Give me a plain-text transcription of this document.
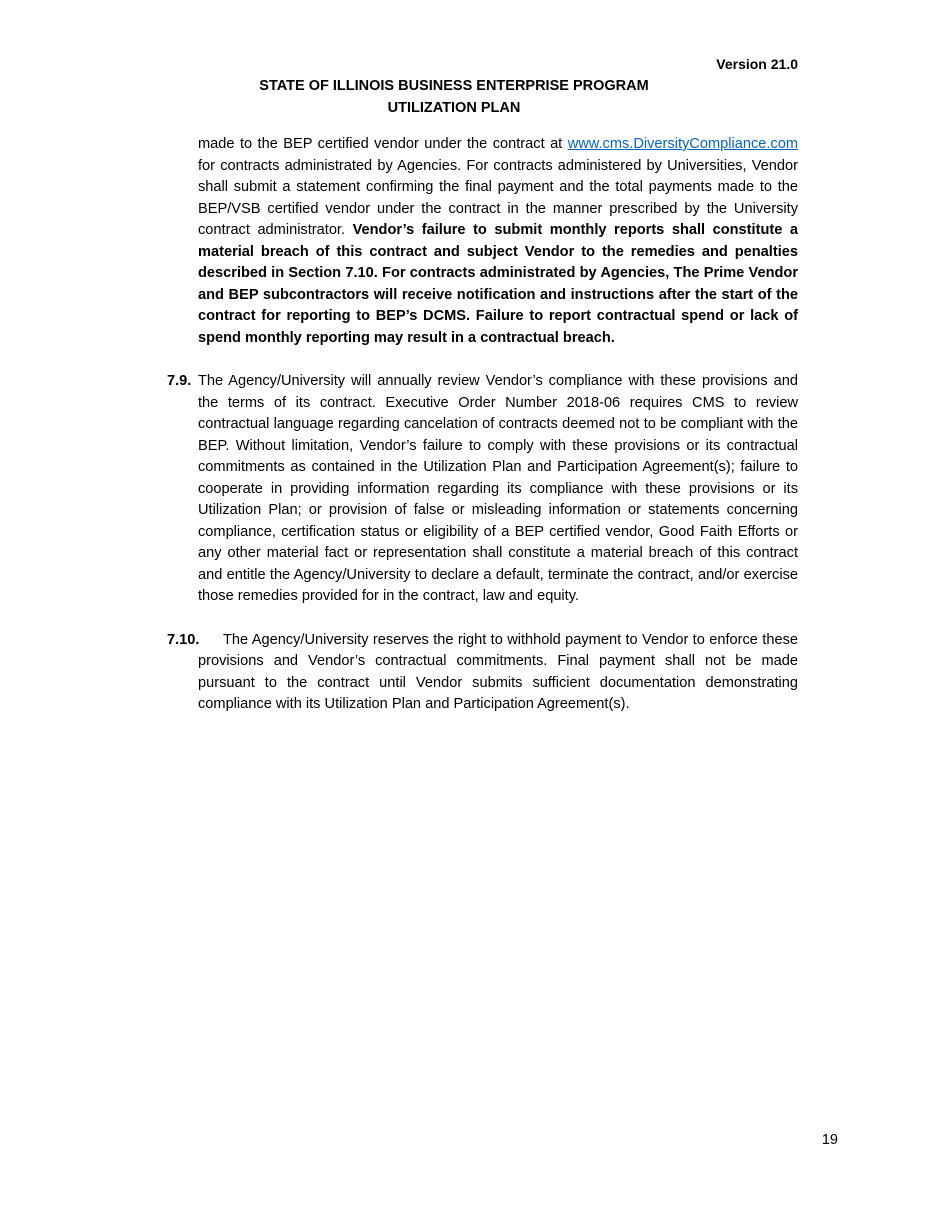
Version 21.0
STATE OF ILLINOIS BUSINESS ENTERPRISE PROGRAM
UTILIZATION PLAN

made to the BEP certified vendor under the contract at www.cms.DiversityCompliance.com for contracts administrated by Agencies. For contracts administered by Universities, Vendor shall submit a statement confirming the final payment and the total payments made to the BEP/VSB certified vendor under the contract in the manner prescribed by the University contract administrator. Vendor’s failure to submit monthly reports shall constitute a material breach of this contract and subject Vendor to the remedies and penalties described in Section 7.10. For contracts administrated by Agencies, The Prime Vendor and BEP subcontractors will receive notification and instructions after the start of the contract for reporting to BEP’s DCMS. Failure to report contractual spend or lack of spend monthly reporting may result in a contractual breach.

7.9. The Agency/University will annually review Vendor’s compliance with these provisions and the terms of its contract. Executive Order Number 2018-06 requires CMS to review contractual language regarding cancelation of contracts deemed not to be compliant with the BEP. Without limitation, Vendor’s failure to comply with these provisions or its contractual commitments as contained in the Utilization Plan and Participation Agreement(s); failure to cooperate in providing information regarding its compliance with these provisions or its Utilization Plan; or provision of false or misleading information or statements concerning compliance, certification status or eligibility of a BEP certified vendor, Good Faith Efforts or any other material fact or representation shall constitute a material breach of this contract and entitle the Agency/University to declare a default, terminate the contract, and/or exercise those remedies provided for in the contract, law and equity.

7.10.	The Agency/University reserves the right to withhold payment to Vendor to enforce these provisions and Vendor’s contractual commitments. Final payment shall not be made pursuant to the contract until Vendor submits sufficient documentation demonstrating compliance with its Utilization Plan and Participation Agreement(s).

19
